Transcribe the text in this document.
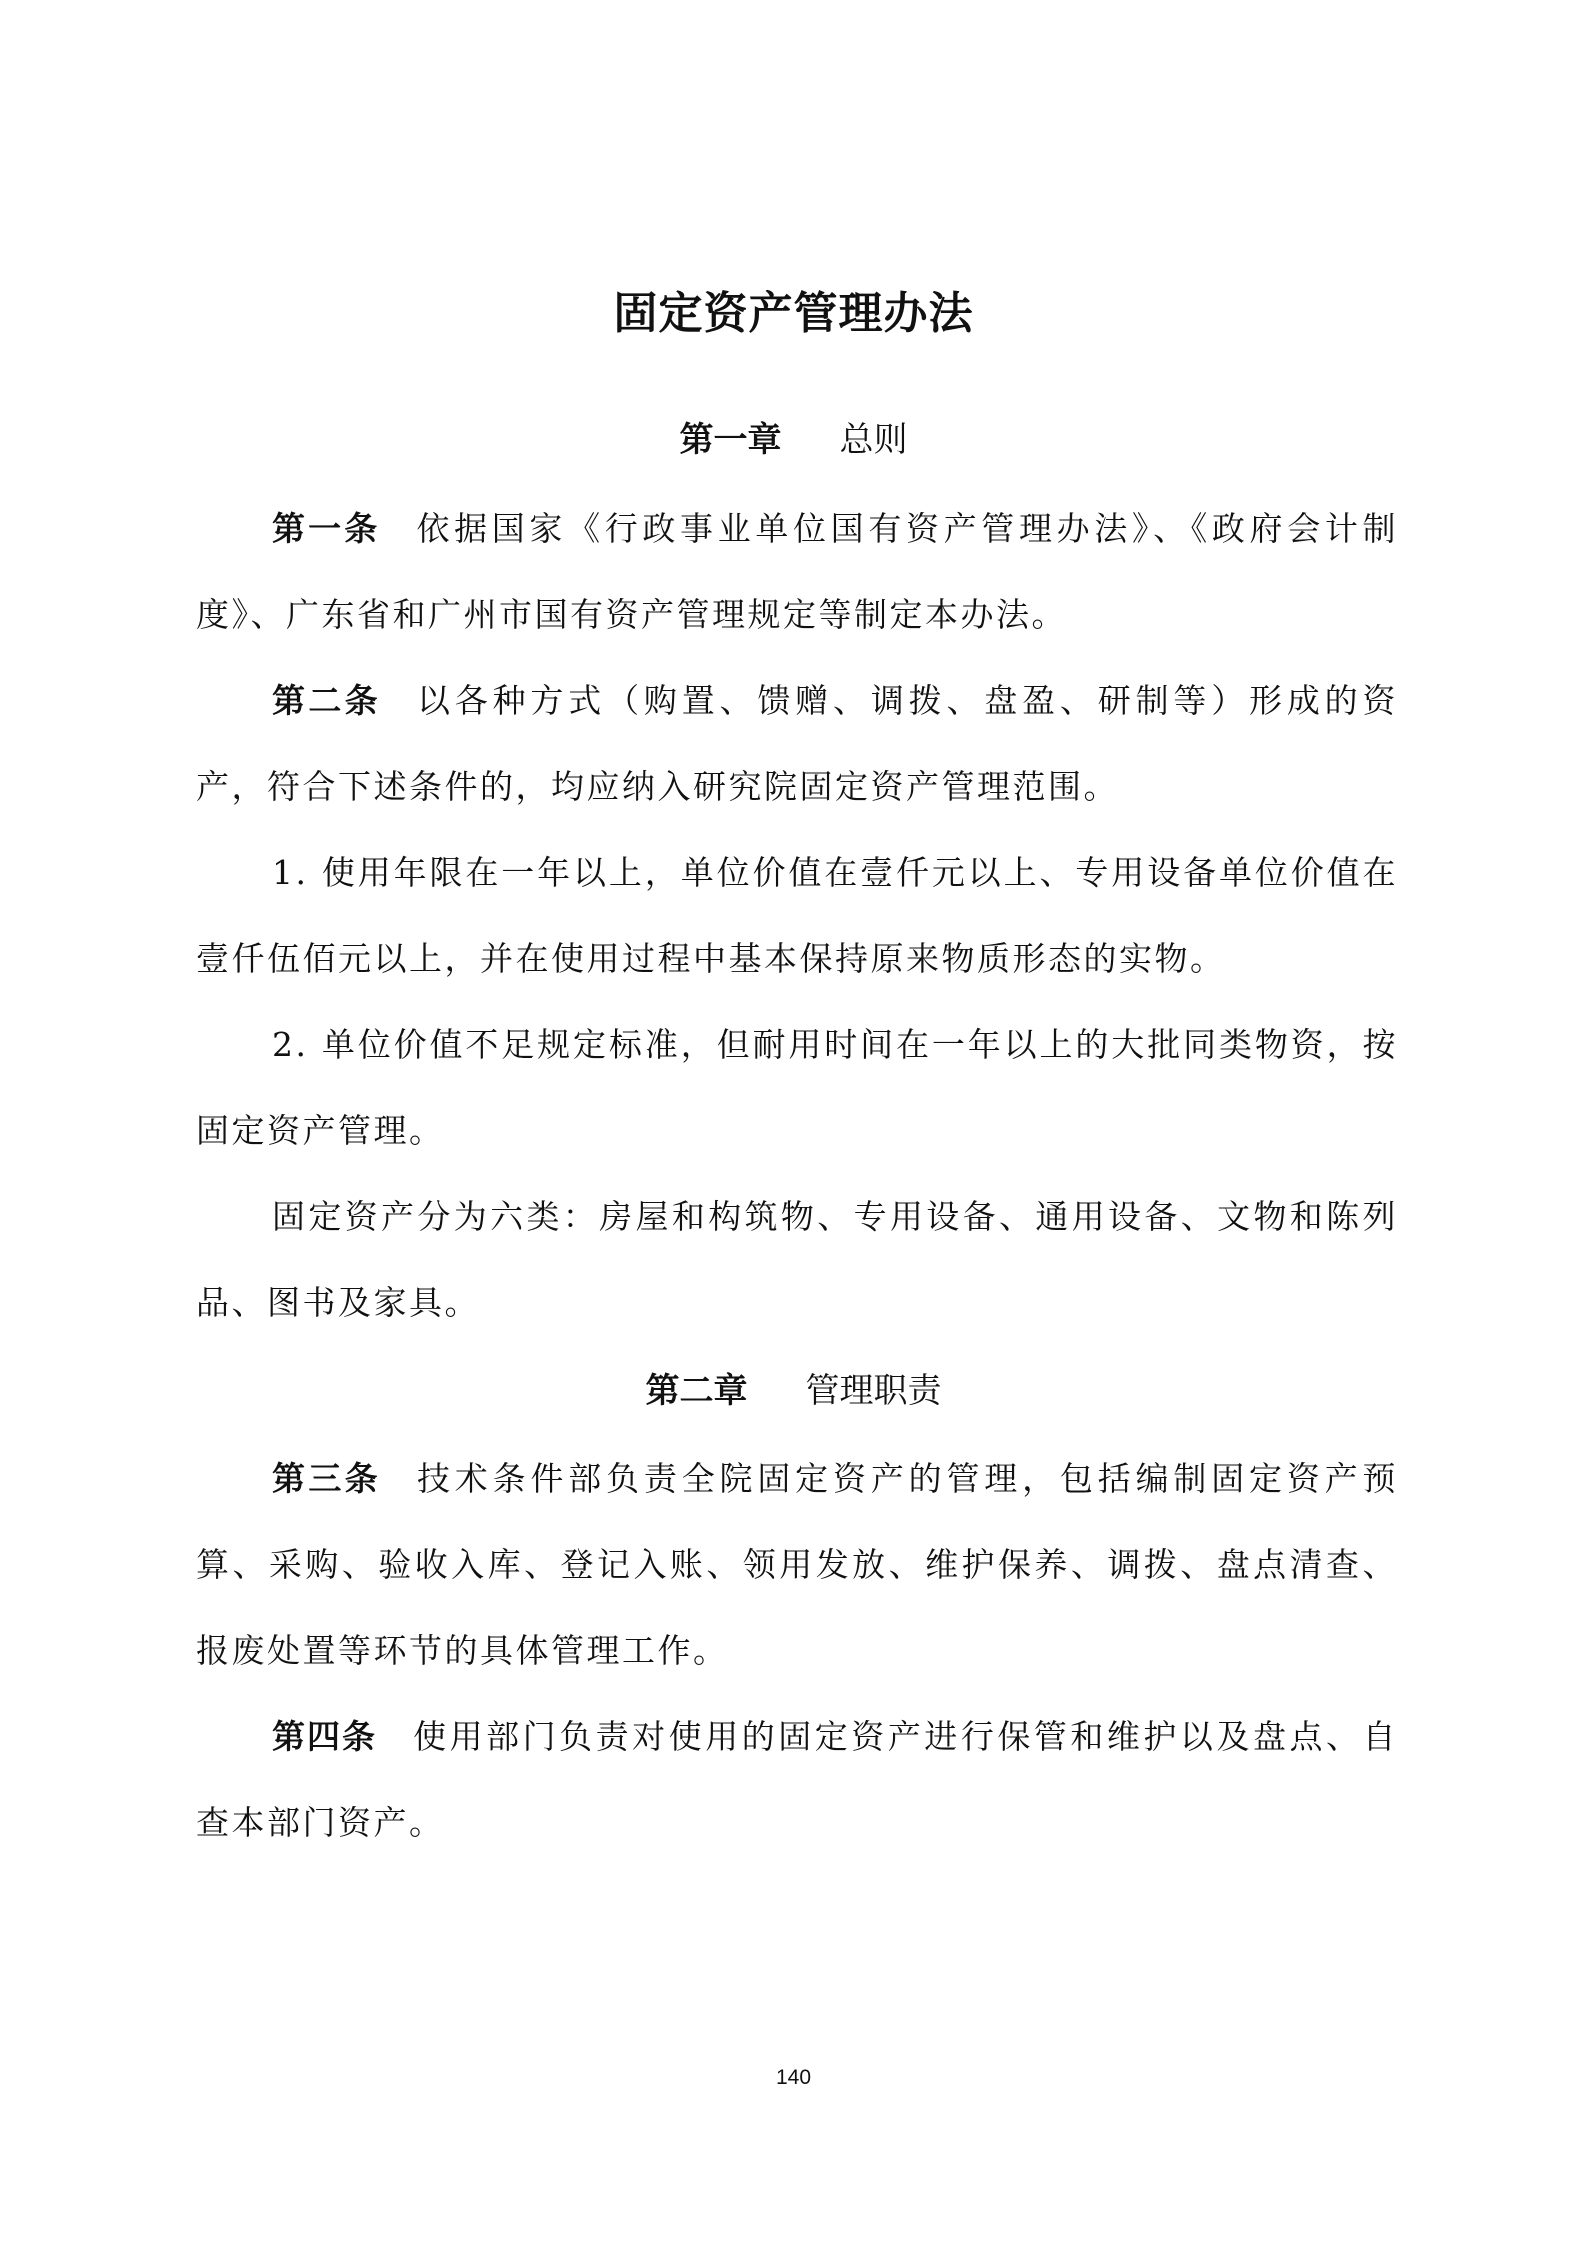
固定资产管理办法
第一章 总则

第一条 依据国家《行政事业单位国有资产管理办法》、《政府会计制度》、广东省和广州市国有资产管理规定等制定本办法。

第二条 以各种方式（购置、馈赠、调拨、盘盈、研制等）形成的资产，符合下述条件的，均应纳入研究院固定资产管理范围。

1. 使用年限在一年以上，单位价值在壹仟元以上、专用设备单位价值在壹仟伍佰元以上，并在使用过程中基本保持原来物质形态的实物。

2. 单位价值不足规定标准，但耐用时间在一年以上的大批同类物资，按固定资产管理。

固定资产分为六类：房屋和构筑物、专用设备、通用设备、文物和陈列品、图书及家具。

第二章 管理职责

第三条 技术条件部负责全院固定资产的管理，包括编制固定资产预算、采购、验收入库、登记入账、领用发放、维护保养、调拨、盘点清查、报废处置等环节的具体管理工作。

第四条 使用部门负责对使用的固定资产进行保管和维护以及盘点、自查本部门资产。

140
